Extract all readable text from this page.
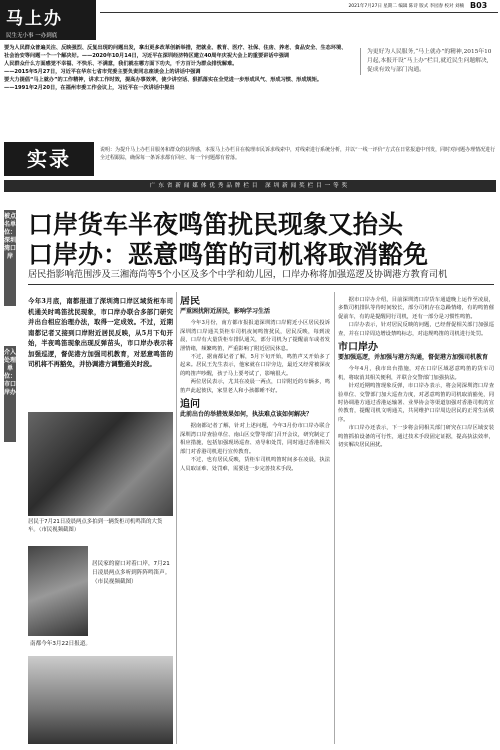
马上办
民生无小事 一办到底
2021年7月27日 星期二 编辑 陈诗 版式 李园春 校对 刘楠 B03

要为人民群众普遍关注、反映强烈、反复出现的问题出发，拿出更多改革创新举措，把就业、教育、医疗、社保、住房、养老、食品安全、生态环境、

社会治安等问题一个一个解决好。——2020年10月14日，习近平在深圳经济特区建立40周年庆祝大会上的重要讲话中强调

人民群众什么方面感觉不幸福、不快乐、不满意，我们就在哪方面下功夫，千方百计为群众排忧解难。

——2015年5月27日，习近平在华东七省市党委主要负责同志座谈会上的讲话中强调

要大力提倡“马上就办”的工作精神，讲求工作时效，提高办事效率，使少讲空话、狠抓落实在全党进一步形成风气、形成习惯、形成规矩。

——1991年2月20日，在福州市委工作会议上，习近平在一次讲话中提出

为更好为人民服务,“马上就办”的精神,2015年10月起,本报开设“马上办”栏目,就近民生问题解决,促成有效与部门沟通。
实录	说明：为提升马上办栏目服务和群众的获得感，本报马上办栏目在梳理市民诉求线索中，对线索进行系统分析，并以“一线一评价”方式在日常报道中刊发，同时对问题办理情况进行全过程跟踪，确保每一条诉求都有回应、每一个问题都有着落。
广东省新闻媒体优秀品牌栏目 深圳新闻奖栏目一等奖
被点名单位：深圳湾口岸
介入处理单位：市口岸办
口岸货车半夜鸣笛扰民现象又抬头
口岸办：恶意鸣笛的司机将取消豁免
居民指影响范围涉及三湘海尚等5个小区及多个中学和幼儿园，口岸办称将加强巡逻及协调港方教育司机
今年3月底，南都报道了深圳湾口岸区域货柜车司机通关时鸣笛扰民现象，市口岸办联合多部门研究并出台相应治理办法，取得一定成效。不过，近期南都记者又接到口岸附近居民反映，从5月下旬开始，半夜鸣笛现象出现反弹苗头，市口岸办表示将加强巡逻，督促港方加强司机教育，对恶意鸣笛的司机将不再豁免，并协调港方调整通关时段。
居民于7月21日凌晨两点多拍到一辆货柜司机鸣笛的大货车。（市民视频截图）
居民家的窗口对着口岸，7月21日凌晨两点多听到阵阵鸣笛声。（市民视频截图）
南都今年3月22日报道。
居民
严重困扰附近居民，影响学习生活

今年3月份，南方都市报报道深圳湾口岸附近小区居民投诉深圳湾口岸通关货柜车司机夜间鸣笛扰民，居民反映，每到凌晨，口岸有大量货柜车排队通关，部分司机为了提醒前车或者发泄情绪，频繁鸣笛，严重影响了附近居民休息。

不过，据南都记者了解，5月下旬开始，鸣笛声又开始多了起来。居民王先生表示，他家就在口岸旁边，最近又经常被深夜的鸣笛声吵醒，孩子马上要考试了，影响很大。

两位居民表示，尤其在凌晨一两点，口岸附近的车辆多，鸣笛声此起彼伏，家里老人和小孩都睡不好。

追问
此前出台的举措效果如何，执法难点该如何解决？

据南都记者了解，针对上述问题，今年3月份市口岸办联合深圳湾口岸查验单位、南山区交警等部门召开会议，研究制定了相应措施，包括加强现场巡查、劝导和处罚，同时通过香港相关部门对香港司机进行宣传教育。

不过，也有居民反映，货柜车司机鸣笛时间多在凌晨，执法人员取证难、处罚难，需要进一步完善技术手段。

据市口岸办介绍，目前深圳湾口岸货车通道晚上运作至凌晨，多数司机排队等待时间较长，部分司机存在急躁情绪，有的鸣笛催促前车，有的是提醒同行司机，还有一部分是习惯性鸣笛。

口岸办表示，针对居民反映的问题，已经督促相关部门加强巡查，并在口岸周边增设禁鸣标志，对违规鸣笛的司机进行处罚。

市口岸办
要加强巡逻，并加强与港方沟通，督促港方加强司机教育

今年4月，我市出台措施，对在口岸区域恶意鸣笛的货车司机，将取消其相关便利，并联合交警部门加强执法。

针对近期鸣笛现象反弹，市口岸办表示，将会同深圳湾口岸查验单位、交警部门加大巡查力度，对恶意鸣笛的司机取消豁免，同时协调港方通过香港运输署、业界协会等渠道加强对香港司机的宣传教育，提醒司机文明通关，共同维护口岸周边居民的正常生活秩序。

市口岸办还表示，下一步将会同相关部门研究在口岸区域安装鸣笛抓拍设备的可行性，通过技术手段固定证据，提高执法效率，切实解决居民困扰。
